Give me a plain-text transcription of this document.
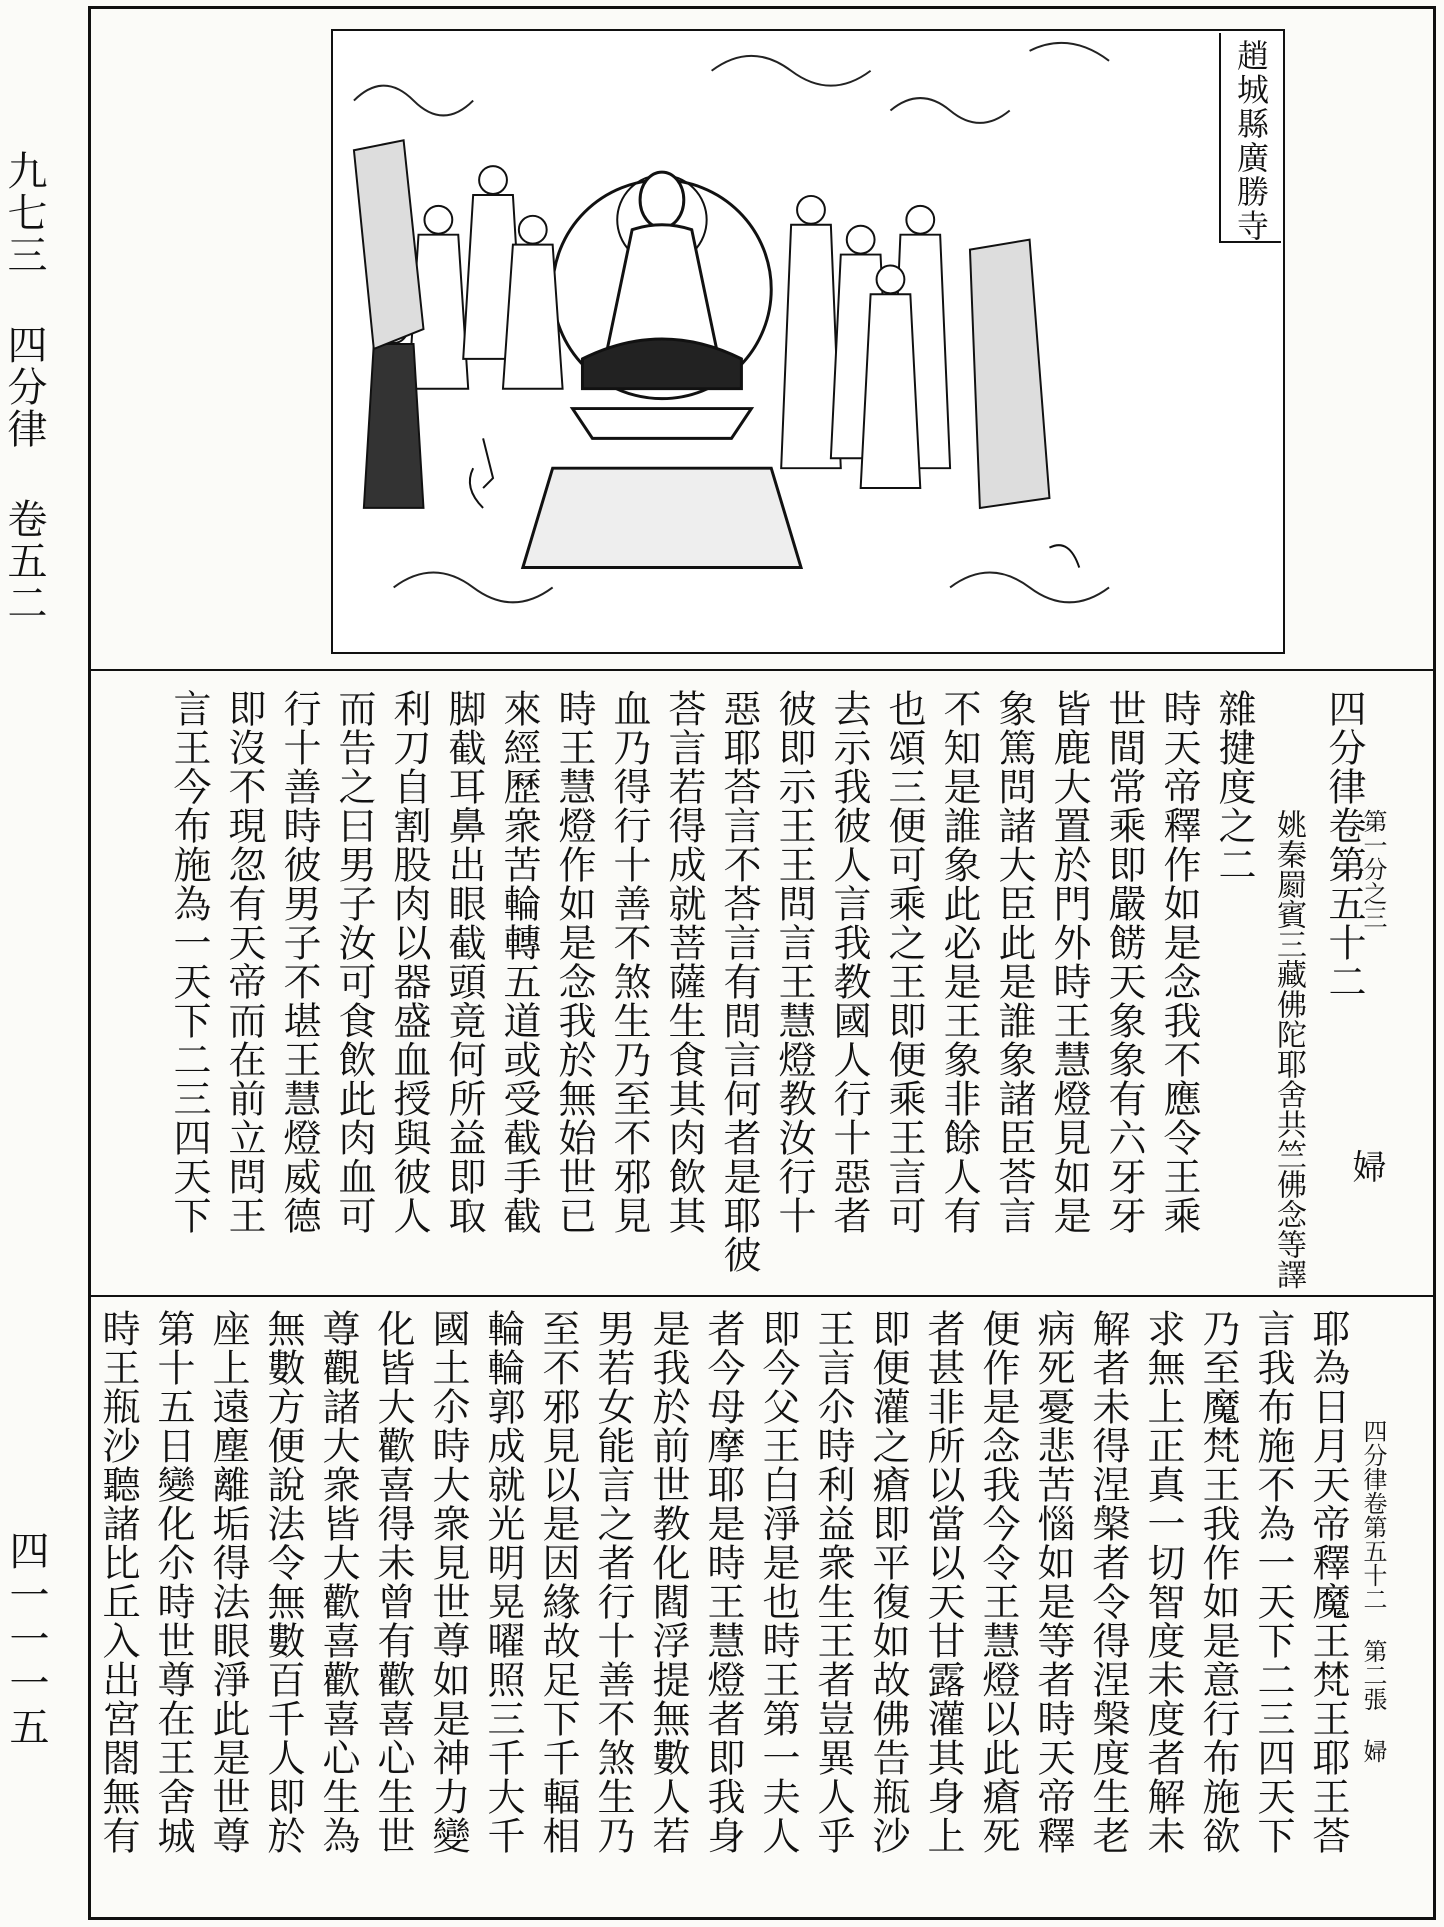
九七三 四分律 卷五二
四一一一五
趙城縣廣勝寺
四分律卷第五十二
姚秦罽賓三藏佛陀耶舍共竺佛念等譯
雜揵度之二
時天帝釋作如是念我不應令王乘
世間常乘即嚴餝天象象有六牙牙
皆鹿大置於門外時王慧燈見如是
象篤問諸大臣此是誰象諸臣荅言
不知是誰象此必是王象非餘人有
也頌三便可乘之王即便乘王言可
去示我彼人言我教國人行十惡者
彼即示王王問言王慧燈教汝行十
惡耶荅言不荅言有問言何者是耶彼
荅言若得成就菩薩生食其肉飲其
血乃得行十善不煞生乃至不邪見
時王慧燈作如是念我於無始世已
來經歷衆苦輪轉五道或受截手截
脚截耳鼻出眼截頭竟何所益即取
利刀自割股肉以器盛血授與彼人
而告之曰男子汝可食飲此肉血可
行十善時彼男子不堪王慧燈威德
即沒不現忽有天帝而在前立問王
言王今布施為一天下二三四天下	第一分之三
婦
四分律卷第五十二 第二張 婦
耶為日月天帝釋魔王梵王耶王荅
言我布施不為一天下二三四天下
乃至魔梵王我作如是意行布施欲
求無上正真一切智度未度者解未
解者未得涅槃者令得涅槃度生老
病死憂悲苦惱如是等者時天帝釋
便作是念我今令王慧燈以此瘡死
者甚非所以當以天甘露灌其身上
即便灌之瘡即平復如故佛告瓶沙
王言尒時利益衆生王者豈異人乎
即今父王白淨是也時王第一夫人
者今母摩耶是時王慧燈者即我身
是我於前世教化閻浮提無數人若
男若女能言之者行十善不煞生乃
至不邪見以是因緣故足下千輻相
輪輪郭成就光明晃曜照三千大千
國土尒時大衆見世尊如是神力變
化皆大歡喜得未曾有歡喜心生世
尊觀諸大衆皆大歡喜歡喜心生為
無數方便說法令無數百千人即於
座上遠塵離垢得法眼淨此是世尊
第十五日變化尒時世尊在王舍城
時王瓶沙聽諸比丘入出宮閤無有
